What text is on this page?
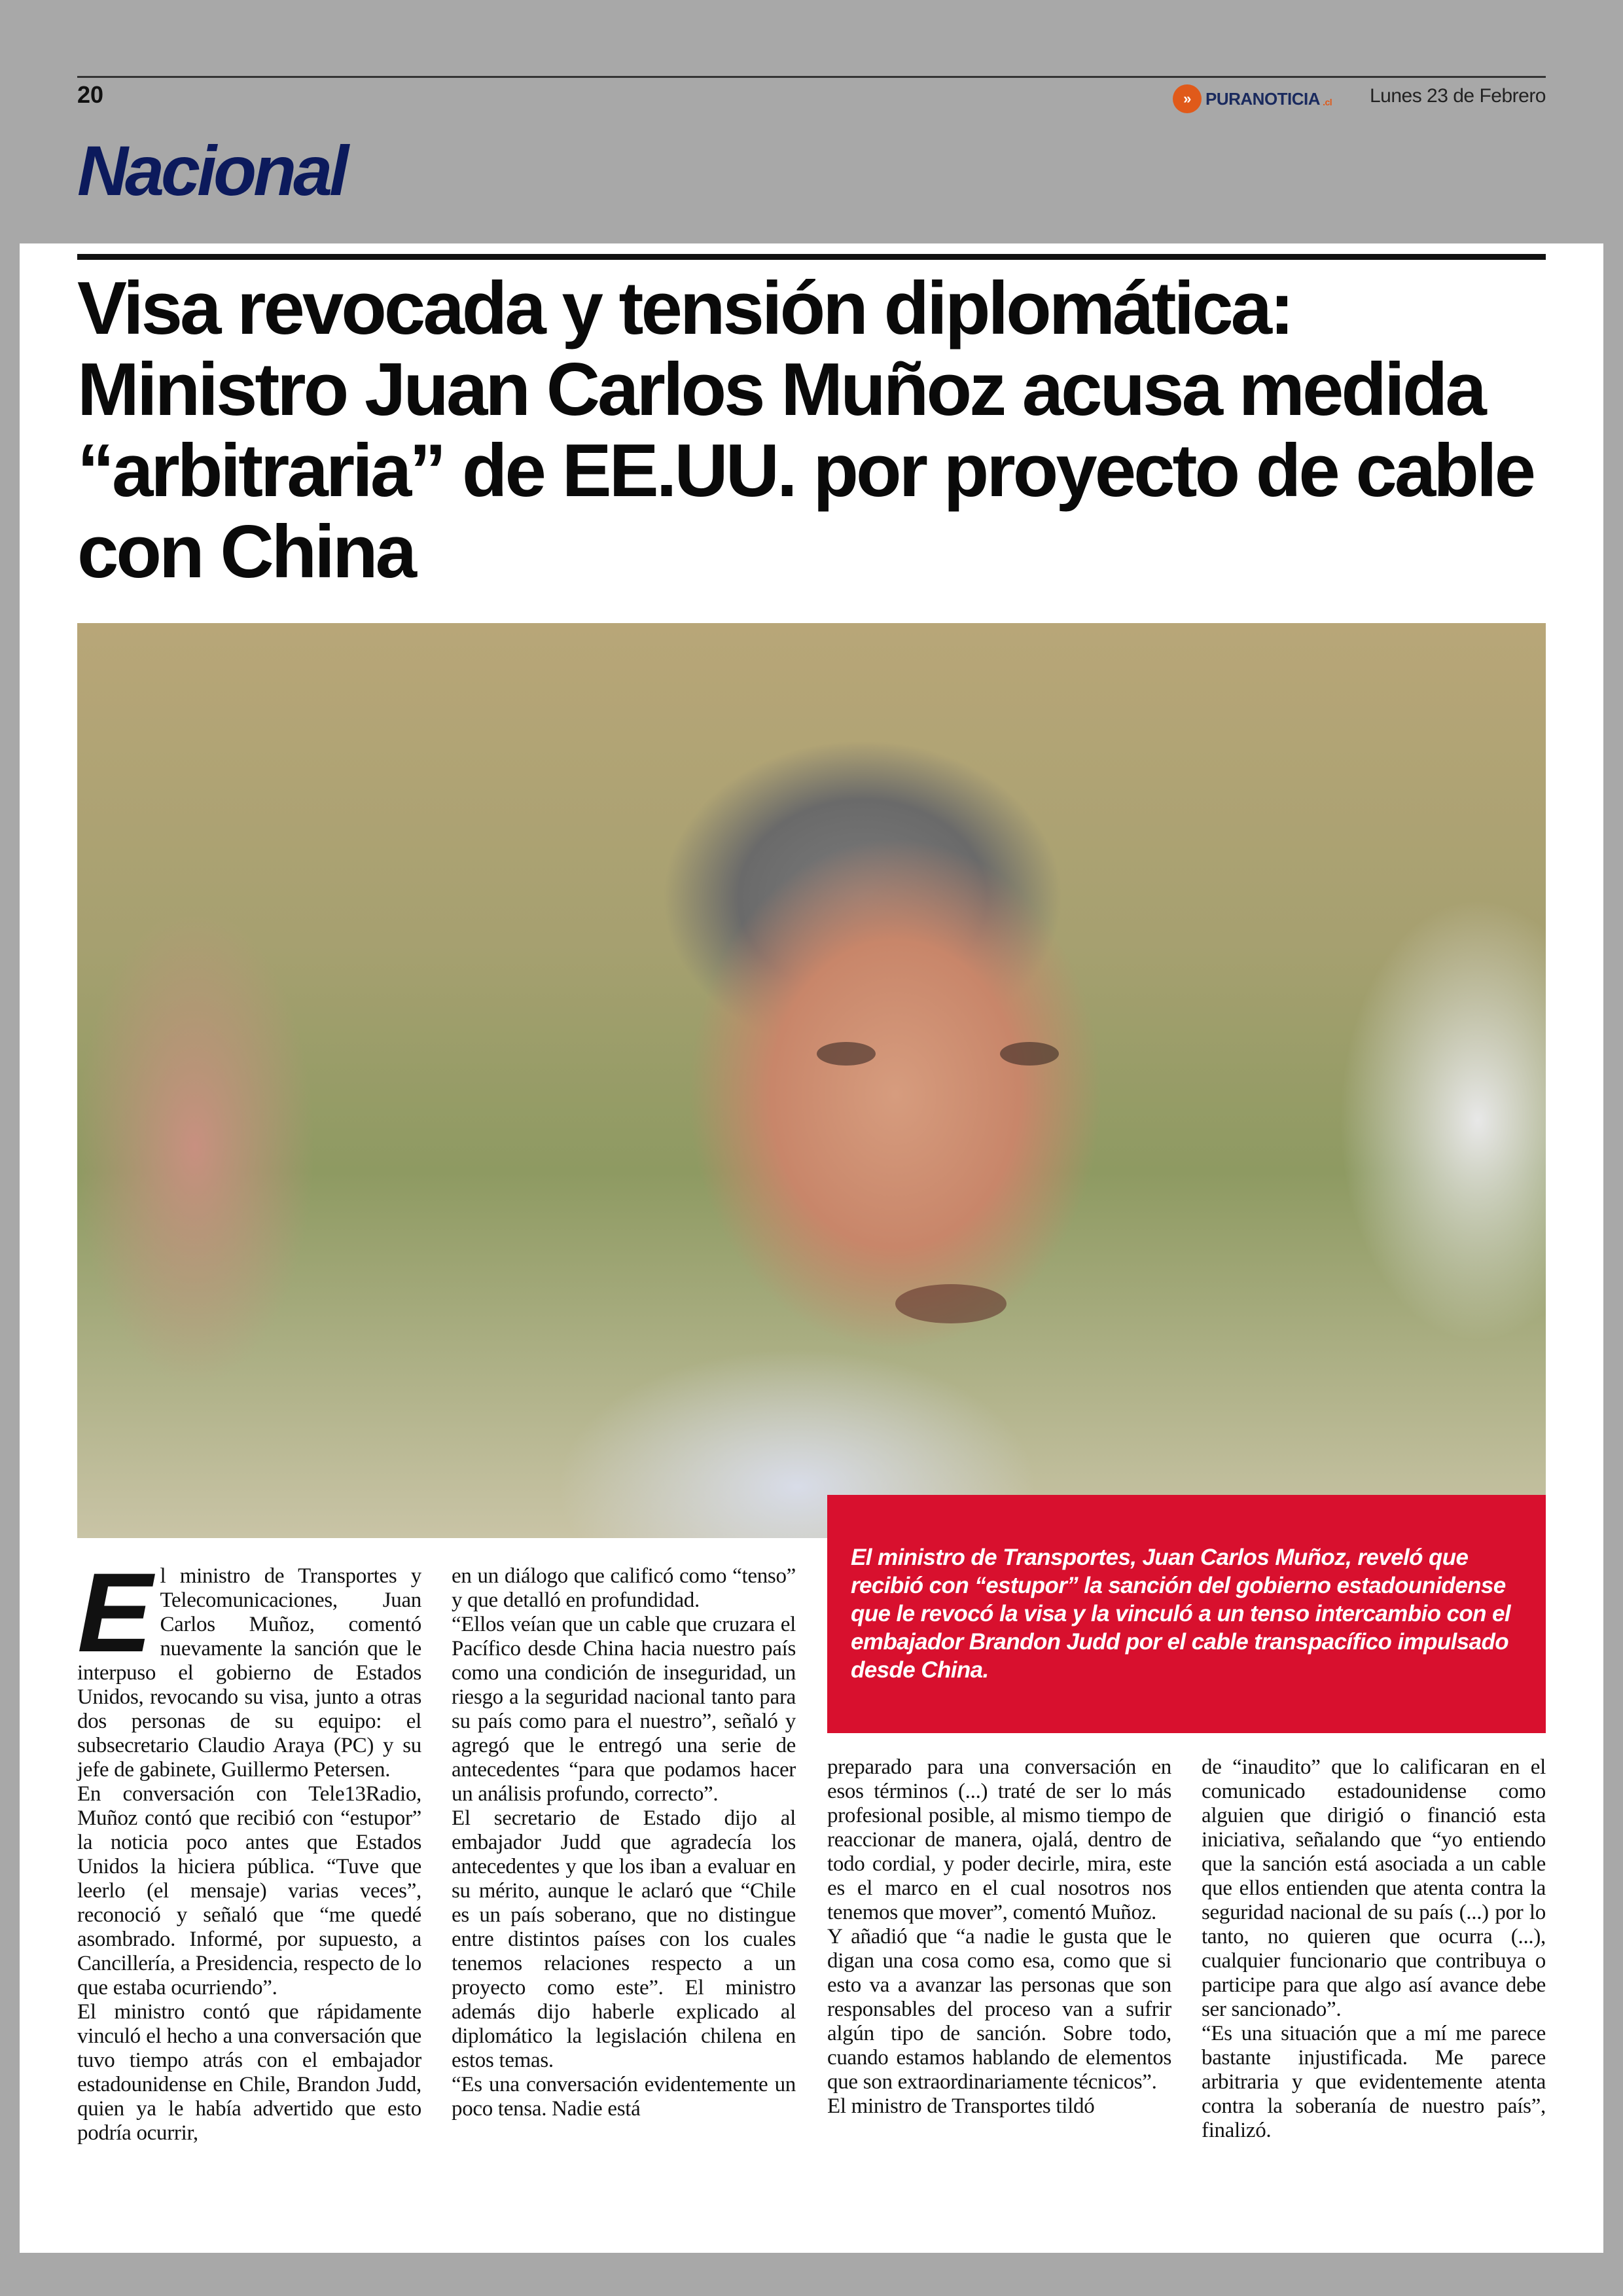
20	» PURANOTICIA .cl Lunes 23 de Febrero
Nacional
Visa revocada y tensión diplomática: Ministro Juan Carlos Muñoz acusa medida “arbitraria” de EE.UU. por proyecto de cable con China
El ministro de Transportes, Juan Carlos Muñoz, reveló que recibió con “estupor” la sanción del gobierno estadounidense que le revocó la visa y la vinculó a un tenso intercambio con el embajador Brandon Judd por el cable transpacífico impulsado desde China.
E l ministro de Transportes y Telecomunicaciones, Juan Carlos Muñoz, comentó nuevamente la sanción que le interpuso el gobierno de Estados Unidos, revocando su visa, junto a otras dos personas de su equipo: el subsecretario Claudio Araya (PC) y su jefe de gabinete, Guillermo Petersen.

En conversación con Tele13Radio, Muñoz contó que recibió con “estupor” la noticia poco antes que Estados Unidos la hiciera pública. “Tuve que leerlo (el mensaje) varias veces”, reconoció y señaló que “me quedé asombrado. Informé, por supuesto, a Cancillería, a Presidencia, respecto de lo que estaba ocurriendo”.

El ministro contó que rápidamente vinculó el hecho a una conversación que tuvo tiempo atrás con el embajador estadounidense en Chile, Brandon Judd, quien ya le había advertido que esto podría ocurrir,

en un diálogo que calificó como “tenso” y que detalló en profundidad.

“Ellos veían que un cable que cruzara el Pacífico desde China hacia nuestro país como una condición de inseguridad, un riesgo a la seguridad nacional tanto para su país como para el nuestro”, señaló y agregó que le entregó una serie de antecedentes “para que podamos hacer un análisis profundo, correcto”.

El secretario de Estado dijo al embajador Judd que agradecía los antecedentes y que los iban a evaluar en su mérito, aunque le aclaró que “Chile es un país soberano, que no distingue entre distintos países con los cuales tenemos relaciones respecto a un proyecto como este”. El ministro además dijo haberle explicado al diplomático la legislación chilena en estos temas.

“Es una conversación evidentemente un poco tensa. Nadie está

preparado para una conversación en esos términos (...) traté de ser lo más profesional posible, al mismo tiempo de reaccionar de manera, ojalá, dentro de todo cordial, y poder decirle, mira, este es el marco en el cual nosotros nos tenemos que mover”, comentó Muñoz.

Y añadió que “a nadie le gusta que le digan una cosa como esa, como que si esto va a avanzar las personas que son responsables del proceso van a sufrir algún tipo de sanción. Sobre todo, cuando estamos hablando de elementos que son extraordinariamente técnicos”.

El ministro de Transportes tildó

de “inaudito” que lo calificaran en el comunicado estadounidense como alguien que dirigió o financió esta iniciativa, señalando que “yo entiendo que la sanción está asociada a un cable que ellos entienden que atenta contra la seguridad nacional de su país (...) por lo tanto, no quieren que ocurra (...), cualquier funcionario que contribuya o participe para que algo así avance debe ser sancionado”.

“Es una situación que a mí me parece bastante injustificada. Me parece arbitraria y que evidentemente atenta contra la soberanía de nuestro país”, finalizó.
